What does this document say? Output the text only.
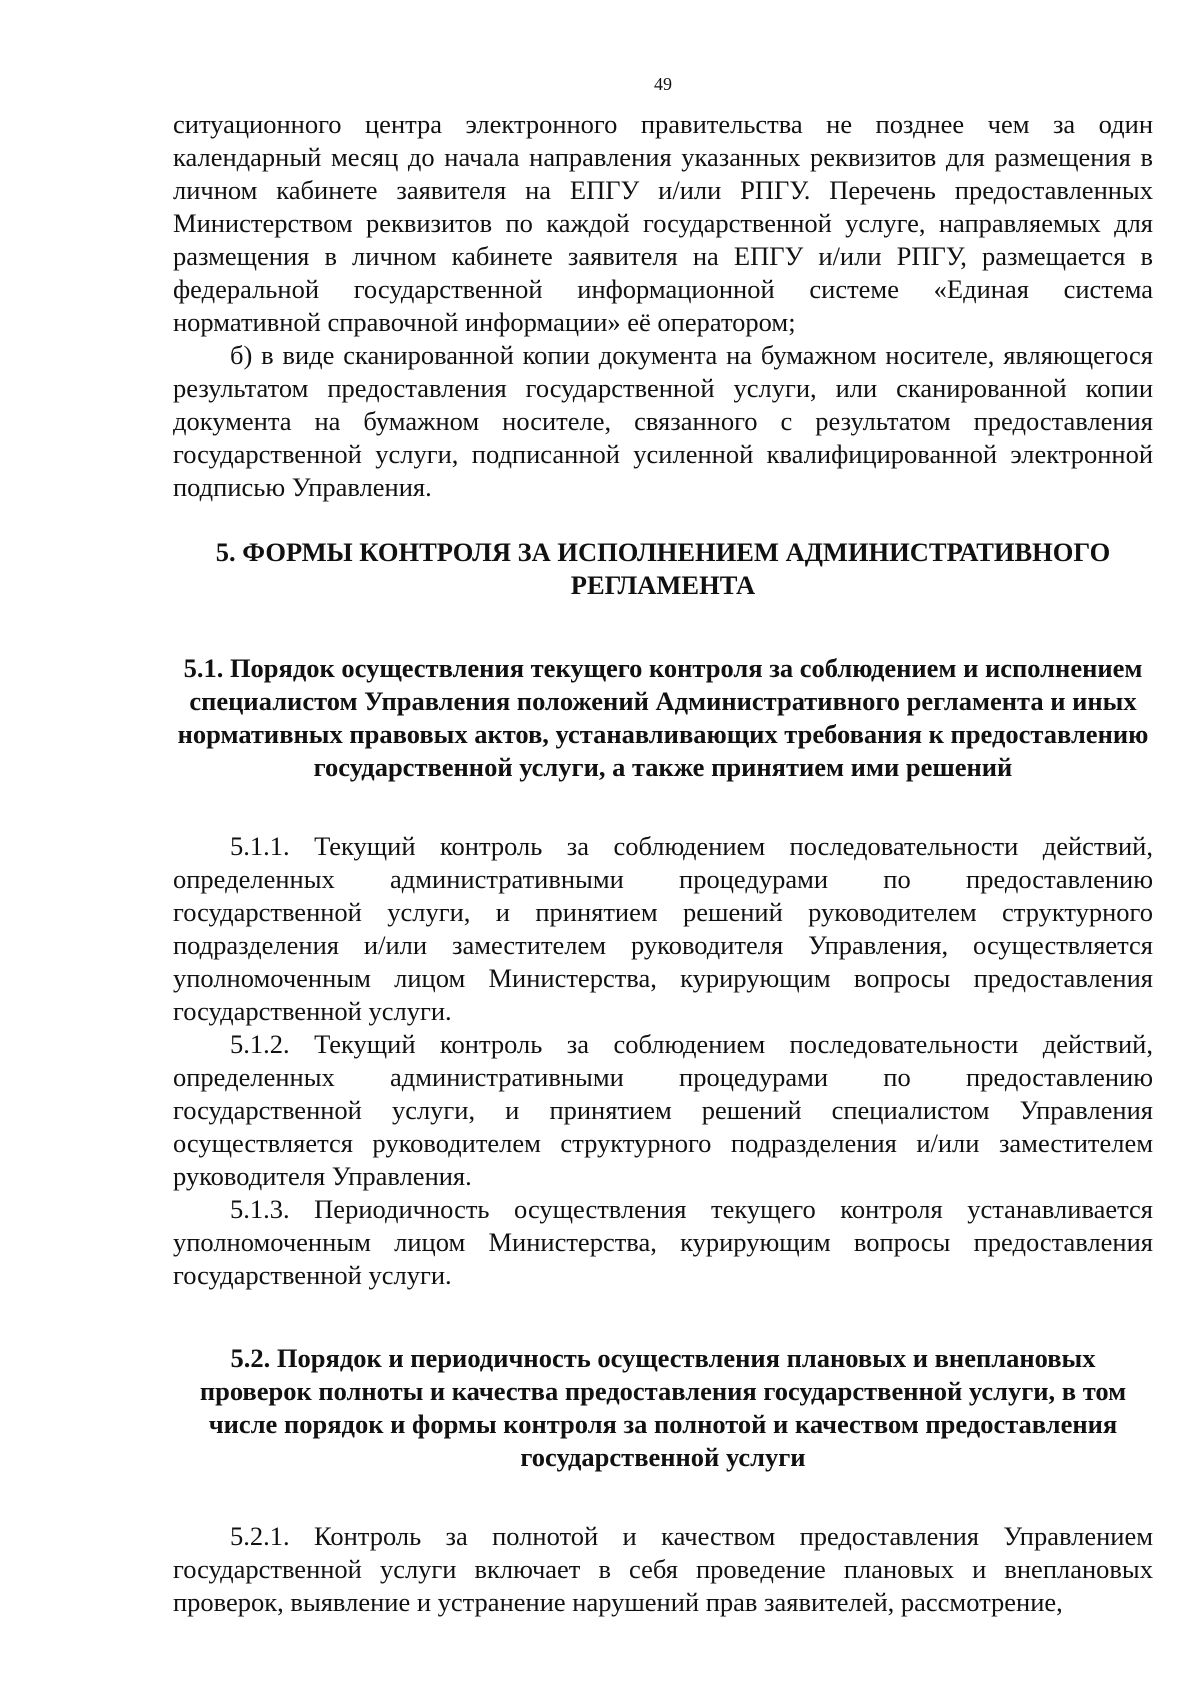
49

ситуационного центра электронного правительства не позднее чем за один календарный месяц до начала направления указанных реквизитов для размещения в личном кабинете заявителя на ЕПГУ и/или РПГУ. Перечень предоставленных Министерством реквизитов по каждой государственной услуге, направляемых для размещения в личном кабинете заявителя на ЕПГУ и/или РПГУ, размещается в федеральной государственной информационной системе «Единая система нормативной справочной информации» её оператором;

б) в виде сканированной копии документа на бумажном носителе, являющегося результатом предоставления государственной услуги, или сканированной копии документа на бумажном носителе, связанного с результатом предоставления государственной услуги, подписанной усиленной квалифицированной электронной подписью Управления.

5. ФОРМЫ КОНТРОЛЯ ЗА ИСПОЛНЕНИЕМ АДМИНИСТРАТИВНОГО РЕГЛАМЕНТА
5.1. Порядок осуществления текущего контроля за соблюдением и исполнением специалистом Управления положений Административного регламента и иных нормативных правовых актов, устанавливающих требования к предоставлению государственной услуги, а также принятием ими решений

5.1.1. Текущий контроль за соблюдением последовательности действий, определенных административными процедурами по предоставлению государственной услуги, и принятием решений руководителем структурного подразделения и/или заместителем руководителя Управления, осуществляется уполномоченным лицом Министерства, курирующим вопросы предоставления государственной услуги.

5.1.2. Текущий контроль за соблюдением последовательности действий, определенных административными процедурами по предоставлению государственной услуги, и принятием решений специалистом Управления осуществляется руководителем структурного подразделения и/или заместителем руководителя Управления.

5.1.3. Периодичность осуществления текущего контроля устанавливается уполномоченным лицом Министерства, курирующим вопросы предоставления государственной услуги.

5.2. Порядок и периодичность осуществления плановых и внеплановых проверок полноты и качества предоставления государственной услуги, в том числе порядок и формы контроля за полнотой и качеством предоставления государственной услуги

5.2.1. Контроль за полнотой и качеством предоставления Управлением государственной услуги включает в себя проведение плановых и внеплановых проверок, выявление и устранение нарушений прав заявителей, рассмотрение,
